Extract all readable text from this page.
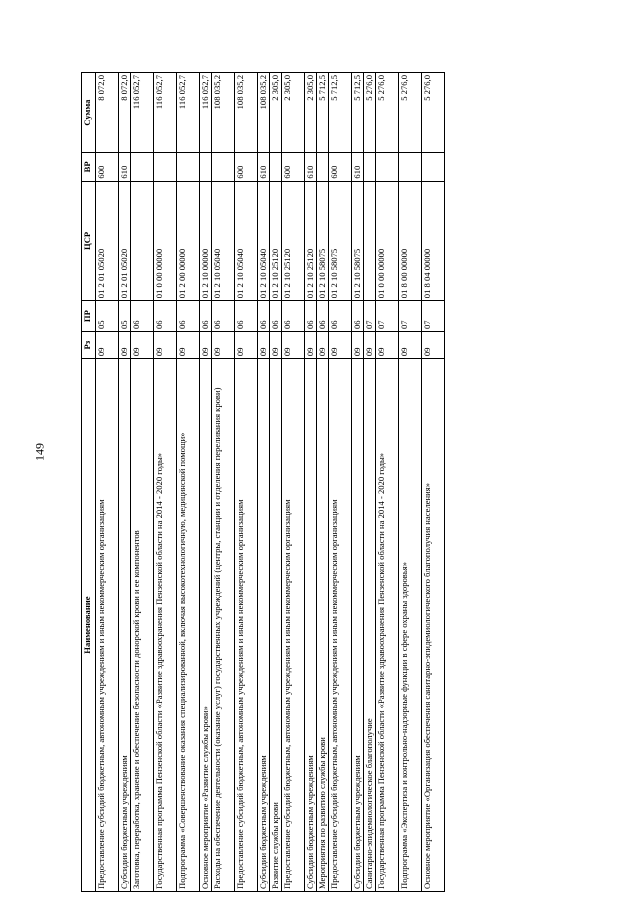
149
Наименование	Рз	ПР	ЦСР	ВР	Сумма
Предоставление субсидий бюджетным, автономным учреждениям и иным некоммерческим организациям	09	05	01 2 01 05020	600	8 072,0
Субсидии бюджетным учреждениям	09	05	01 2 01 05020	610	8 072,0
Заготовка, переработка, хранение и обеспечение безопасности донорской крови и ее компонентов	09	06			116 052,7
Государственная программа Пензенской области «Развитие здравоохранения Пензенской области на 2014 - 2020 годы»	09	06	01 0 00 00000		116 052,7
Подпрограмма «Совершенствование оказания специализированной, включая высокотехнологичную, медицинской помощи»	09	06	01 2 00 00000		116 052,7
Основное мероприятие «Развитие службы крови»	09	06	01 2 10 00000		116 052,7
Расходы на обеспечение деятельности (оказание услуг) государственных учреждений (центры, станции и отделения переливания крови)	09	06	01 2 10 05040		108 035,2
Предоставление субсидий бюджетным, автономным учреждениям и иным некоммерческим организациям	09	06	01 2 10 05040	600	108 035,2
Субсидии бюджетным учреждениям	09	06	01 2 10 05040	610	108 035,2
Развитие службы крови	09	06	01 2 10 25120		2 305,0
Предоставление субсидий бюджетным, автономным учреждениям и иным некоммерческим организациям	09	06	01 2 10 25120	600	2 305,0
Субсидии бюджетным учреждениям	09	06	01 2 10 25120	610	2 305,0
Мероприятия по развитию службы крови	09	06	01 2 10 58075		5 712,5
Предоставление субсидий бюджетным, автономным учреждениям и иным некоммерческим организациям	09	06	01 2 10 58075	600	5 712,5
Субсидии бюджетным учреждениям	09	06	01 2 10 58075	610	5 712,5
Санитарно-эпидемиологическое благополучие	09	07			5 276,0
Государственная программа Пензенской области «Развитие здравоохранения Пензенской области на 2014 - 2020 годы»	09	07	01 0 00 00000		5 276,0
Подпрограмма «Экспертиза и контрольно-надзорные функции в сфере охраны здоровья»	09	07	01 8 00 00000		5 276,0
Основное мероприятие «Организация обеспечения санитарно-эпидемиологического благополучия населения»	09	07	01 8 04 00000		5 276,0
